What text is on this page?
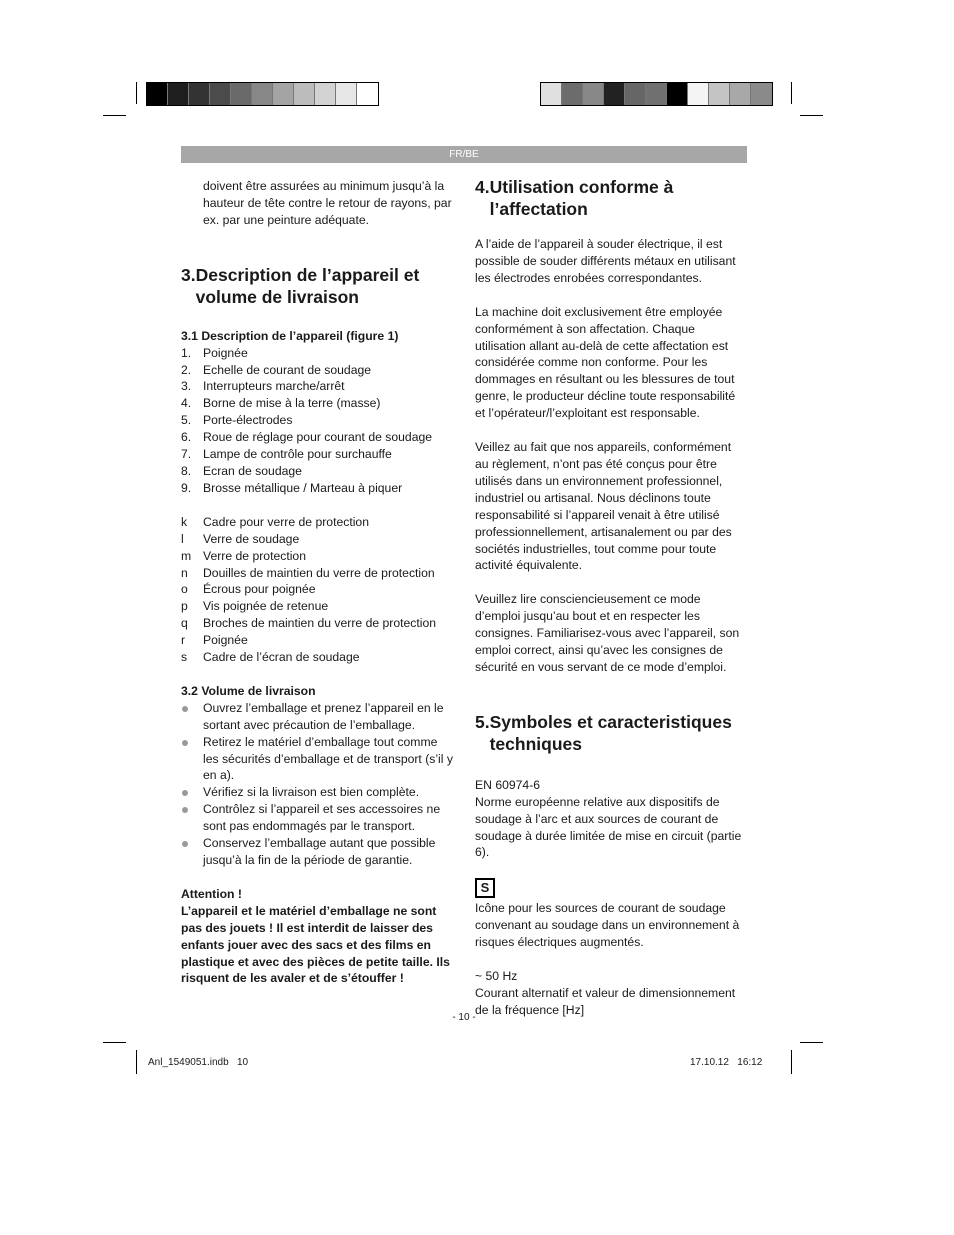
FR/BE

doivent être assurées au minimum jusqu’à la hauteur de tête contre le retour de rayons, par ex. par une peinture adéquate.

3. Description de l’appareil et volume de livraison
3.1 Description de l’appareil (figure 1)
1. Poignée
2. Echelle de courant de soudage
3. Interrupteurs marche/arrêt
4. Borne de mise à la terre (masse)
5. Porte-électrodes
6. Roue de réglage pour courant de soudage
7. Lampe de contrôle pour surchauffe
8. Ecran de soudage
9. Brosse métallique / Marteau à piquer
k	Cadre pour verre de protection
l	Verre de soudage
m Verre de protection
n	Douilles de maintien du verre de protection
o	Écrous pour poignée
p	Vis poignée de retenue
q	Broches de maintien du verre de protection
r	Poignée
s	Cadre de l’écran de soudage
3.2 Volume de livraison
Ouvrez l’emballage et prenez l’appareil en le sortant avec précaution de l’emballage.
Retirez le matériel d’emballage tout comme les sécurités d’emballage et de transport (s’il y en a).
Vérifiez si la livraison est bien complète.
Contrôlez si l’appareil et ses accessoires ne sont pas endommagés par le transport.
Conservez l’emballage autant que possible jusqu’à la fin de la période de garantie.
Attention !
L’appareil et le matériel d’emballage ne sont pas des jouets ! Il est interdit de laisser des enfants jouer avec des sacs et des films en plastique et avec des pièces de petite taille. Ils risquent de les avaler et de s’étouffer !
4. Utilisation conforme à l’affectation

A l’aide de l’appareil à souder électrique, il est possible de souder différents métaux en utilisant les électrodes enrobées correspondantes.

La machine doit exclusivement être employée conformément à son affectation. Chaque utilisation allant au-delà de cette affectation est considérée comme non conforme. Pour les dommages en résultant ou les blessures de tout genre, le producteur décline toute responsabilité et l’opérateur/l’exploitant est responsable.

Veillez au fait que nos appareils, conformément au règlement, n’ont pas été conçus pour être utilisés dans un environnement professionnel, industriel ou artisanal. Nous déclinons toute responsabilité si l’appareil venait à être utilisé professionnellement, artisanalement ou par des sociétés industrielles, tout comme pour toute activité équivalente.

Veuillez lire consciencieusement ce mode d’emploi jusqu’au bout et en respecter les consignes. Familiarisez-vous avec l’appareil, son emploi correct, ainsi qu’avec les consignes de sécurité en vous servant de ce mode d’emploi.

5. Symboles et caracteristiques techniques

EN 60974-6

Norme européenne relative aux dispositifs de soudage à l’arc et aux sources de courant de soudage à durée limitée de mise en circuit (partie 6).

S

Icône pour les sources de courant de soudage convenant au soudage dans un environnement à risques électriques augmentés.

~ 50 Hz

Courant alternatif et valeur de dimensionnement de la fréquence [Hz]

- 10 -
Anl_1549051.indb   10	17.10.12   16:12
